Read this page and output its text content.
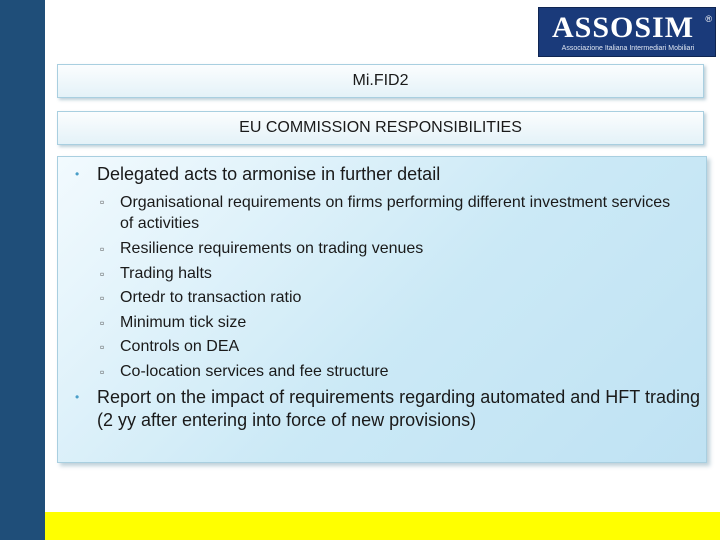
ASSOSIM	®
Associazione Italiana Intermediari Mobiliari
Mi.FID2
EU COMMISSION RESPONSIBILITIES
• Delegated acts to armonise in further detail
▫ Organisational requirements on firms performing different investment services of activities
▫ Resilience requirements on trading venues
▫ Trading halts
▫ Ortedr to transaction ratio
▫ Minimum tick size
▫ Controls on DEA
▫ Co-location services and fee structure
• Report on the impact of requirements regarding automated and HFT trading (2 yy after entering into force of new provisions)
